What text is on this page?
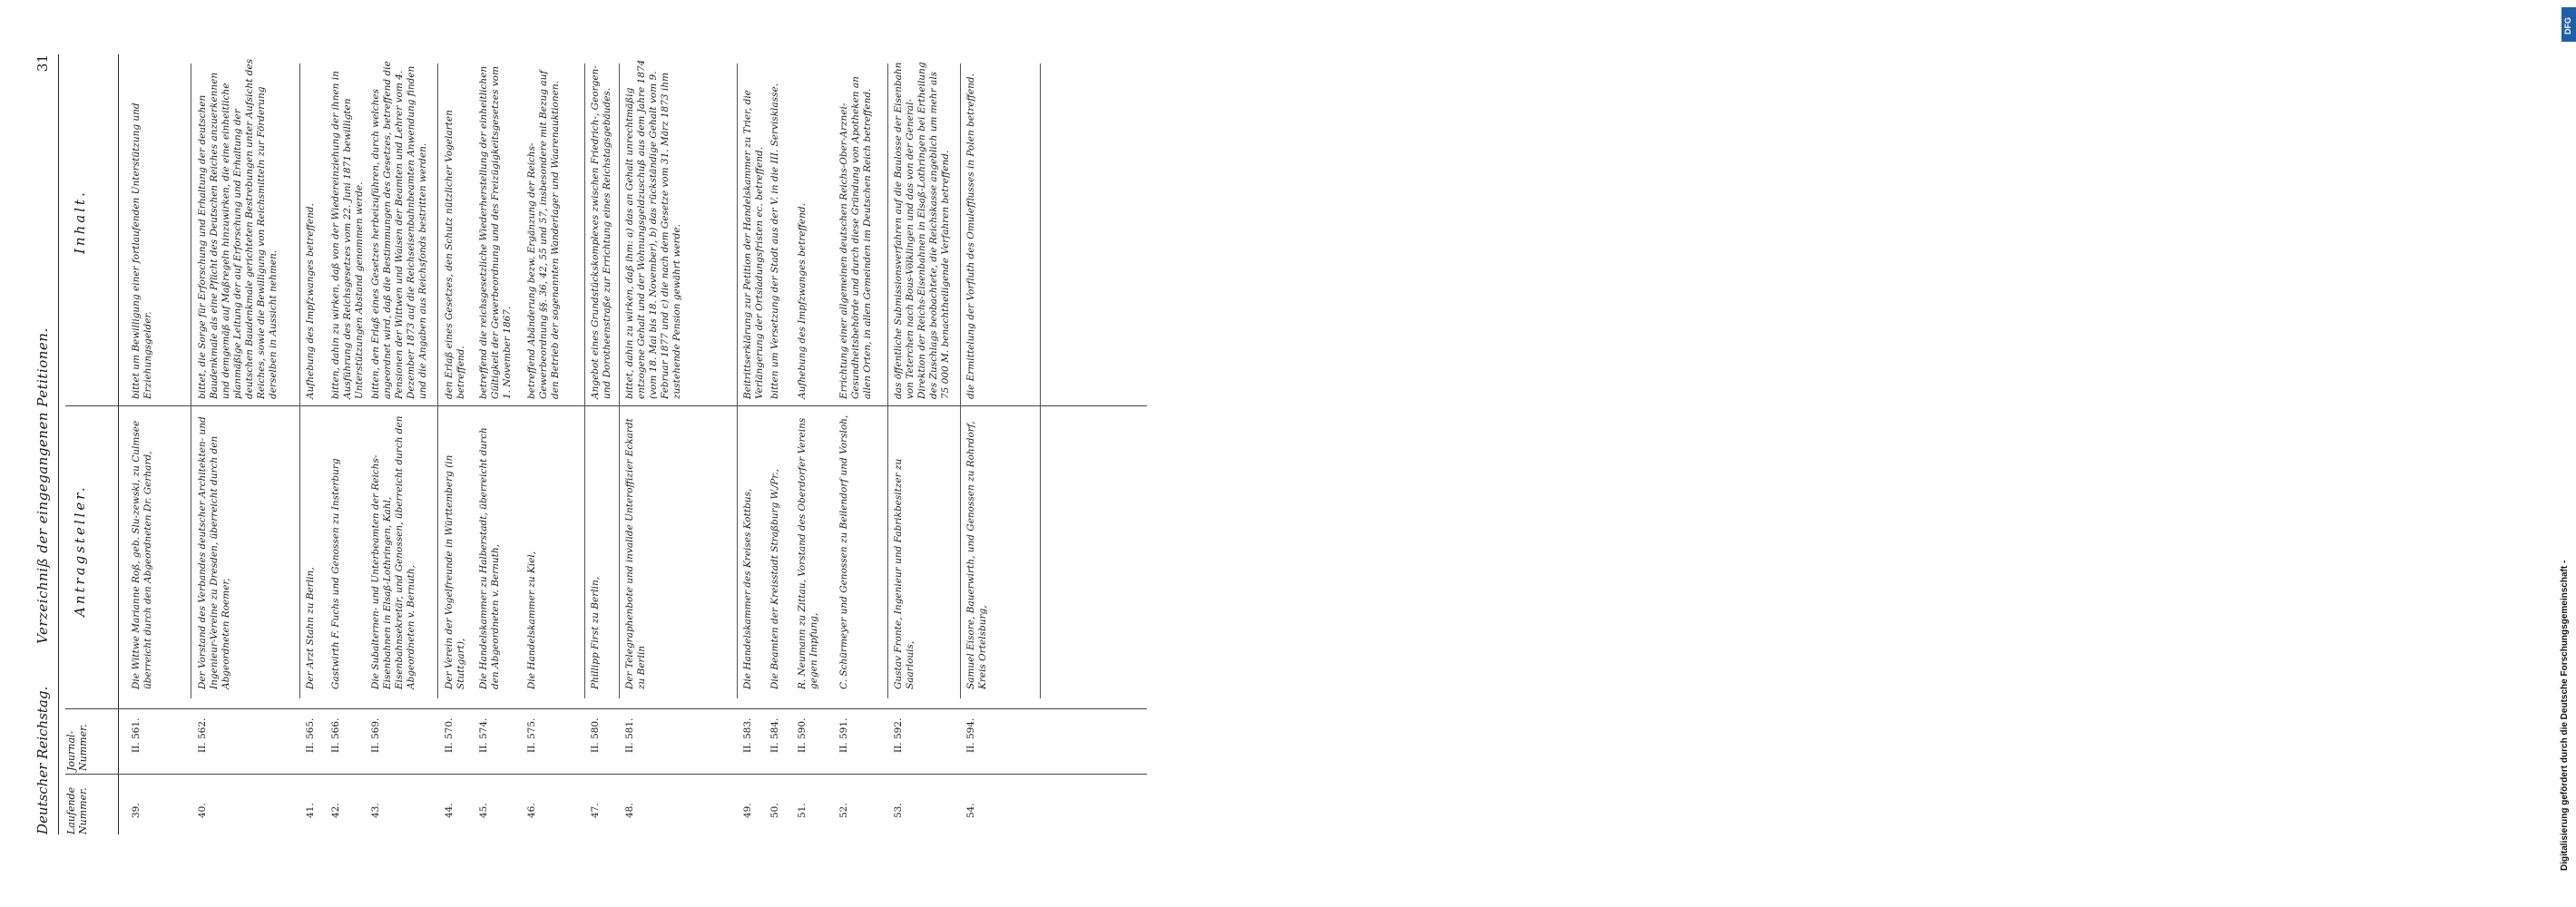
Deutscher Reichstag.
Verzeichniß der eingegangenen Petitionen.
31
Laufende Nummer.
Journal-Nummer.
Antragsteller.
Inhalt.
39.
II. 561.
Die Wittwe Marianne Roß, geb. Slu-zewski, zu Culmsee überreicht durch den Abgeordneten Dr. Gerhard,
bittet um Bewilligung einer fortlaufenden Unterstützung und Erziehungsgelder.
40.
II. 562.
Der Vorstand des Verbandes deutscher Architekten- und Ingenieur-Vereine zu Dresden, überreicht durch den Abgeordneten Roemer,
bittet, die Sorge für Erforschung und Erhaltung der deutschen Baudenkmale als eine Pflicht des Deutschen Reiches anzuerkennen und demgemäß auf Maßregeln hinzuwirken, die eine einheitliche planmäßige Leitung der auf Erforschung und Erhaltung der deutschen Baudenkmale gerichteten Bestrebungen unter Aufsicht des Reiches, sowie die Bewilligung von Reichsmitteln zur Förderung derselben in Aussicht nehmen.
41.
II. 565.
Der Arzt Stahn zu Berlin,
Aufhebung des Impfzwanges betreffend.
42.
II. 566.
Gastwirth F. Fuchs und Genossen zu Insterburg
bitten, dahin zu wirken, daß von der Wiedereinziehung der ihnen in Ausführung des Reichsgesetzes vom 22. Juni 1871 bewilligten Unterstützungen Abstand genommen werde.
43.
II. 569.
Die Subalternen- und Unterbeamten der Reichs-Eisenbahnen in Elsaß-Lothringen, Kahl, Eisenbahnsekretär, und Genossen, überreicht durch den Abgeordneten v. Bernuth,
bitten, den Erlaß eines Gesetzes herbeizuführen, durch welches angeordnet wird, daß die Bestimmungen des Gesetzes, betreffend die Pensionen der Wittwen und Waisen der Beamten und Lehrer vom 4. Dezember 1873 auf die Reichseisenbahnbeamten Anwendung finden und die Angaben aus Reichsfonds bestritten werden.
44.
II. 570.
Der Verein der Vogelfreunde in Württemberg (in Stuttgart),
den Erlaß eines Gesetzes, den Schutz nützlicher Vogelarten betreffend.
45.
II. 574.
Die Handelskammer zu Halberstadt, überreicht durch den Abgeordneten v. Bernuth,
betreffend die reichsgesetzliche Wiederherstellung der einheitlichen Gültigkeit der Gewerbeordnung und des Freizügigkeitsgesetzes vom 1. November 1867.
46.
II. 575.
Die Handelskammer zu Kiel,
betreffend Abänderung bezw. Ergänzung der Reichs-Gewerbeordnung §§. 36, 42, 55 und 57, insbesondere mit Bezug auf den Betrieb der sogenannten Wanderlager und Waarenauktionen.
47.
II. 580.
Phillipp First zu Berlin,
Angebot eines Grundstückskomplexes zwischen Friedrich-, Georgen- und Dorotheenstraße zur Errichtung eines Reichstagsgebäudes.
48.
II. 581.
Der Telegraphenbote und invalide Unteroffizier Eckardt zu Berlin
bittet, dahin zu wirken, daß ihm: a) das an Gehalt unrechtmäßig entzogene Gehalt und der Wohnungsgeldzuschuß aus dem Jahre 1874 (vom 18. Mai bis 18. November), b) das rückständige Gehalt vom 9. Februar 1877 und c) die nach dem Gesetze vom 31. März 1873 ihm zustehende Pension gewährt werde.
49.
II. 583.
Die Handelskammer des Kreises Kottbus,
Beitrittserklärung zur Petition der Handelskammer zu Trier, die Verlängerung der Ortsladungsfristen ec. betreffend.
50.
II. 584.
Die Beamten der Kreisstadt Straßburg W./Pr.,
bitten um Versetzung der Stadt aus der V. in die III. Servisklasse.
51.
II. 590.
R. Neumann zu Zittau, Vorstand des Oberdorfer Vereins gegen Impfung,
Aufhebung des Impfzwanges betreffend.
52.
II. 591.
C. Schürmeyer und Genossen zu Beilendorf und Vorsloh,
Errichtung einer allgemeinen deutschen Reichs-Ober-Arznei-Gesundheitsbehörde und durch diese Gründung von Apotheken an allen Orten, in allen Gemeinden im Deutschen Reich betreffend.
53.
II. 592.
Gustav Fronte, Ingenieur und Fabrikbesitzer zu Saarlouis,
das öffentliche Submissionsverfahren auf die Baulosse der Eisenbahn von Teterchen nach Bous-Völklingen und das von der General-Direktion der Reichs-Eisenbahnen in Elsaß-Lothringen bei Ertheilung des Zuschlags beobachtete, die Reichskasse angeblich um mehr als 75 000 M. benachtheiligende Verfahren betreffend.
54.
II. 594.
Samuel Eisore, Bauerwirth, und Genossen zu Rohrdorf, Kreis Ortelsburg,
die Ermittelung der Vorfluth des Omulefflusses in Polen betreffend.
Digitalisierung gefördert durch die Deutsche Forschungsgemeinschaft -
DFG
